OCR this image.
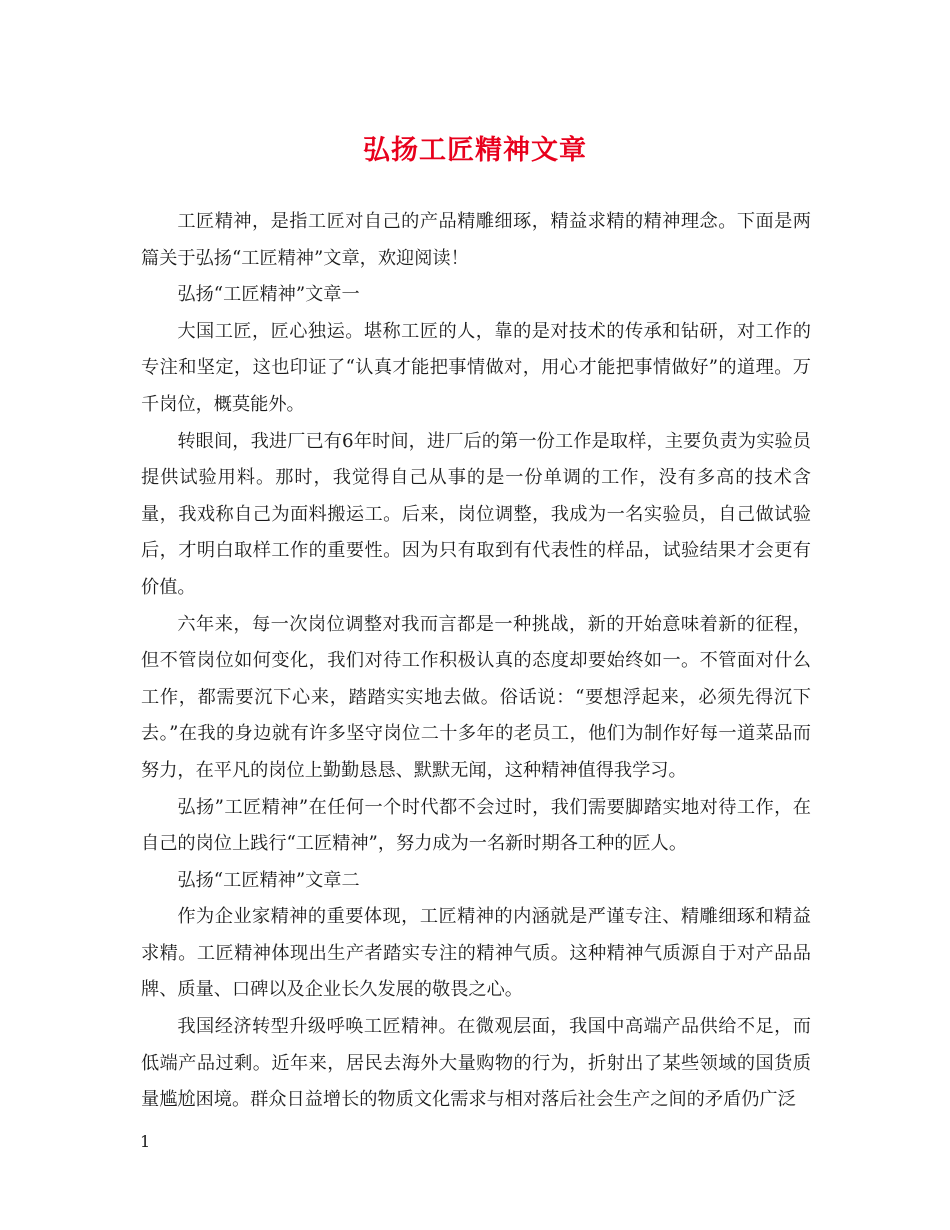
弘扬工匠精神文章

工匠精神，是指工匠对自己的产品精雕细琢，精益求精的精神理念。下面是两篇关于弘扬“工匠精神”文章，欢迎阅读！

弘扬“工匠精神”文章一

大国工匠，匠心独运。堪称工匠的人，靠的是对技术的传承和钻研，对工作的专注和坚定，这也印证了“认真才能把事情做对，用心才能把事情做好”的道理。万千岗位，概莫能外。

转眼间，我进厂已有6年时间，进厂后的第一份工作是取样，主要负责为实验员提供试验用料。那时，我觉得自己从事的是一份单调的工作，没有多高的技术含量，我戏称自己为面料搬运工。后来，岗位调整，我成为一名实验员，自己做试验后，才明白取样工作的重要性。因为只有取到有代表性的样品，试验结果才会更有价值。

六年来，每一次岗位调整对我而言都是一种挑战，新的开始意味着新的征程，但不管岗位如何变化，我们对待工作积极认真的态度却要始终如一。不管面对什么工作，都需要沉下心来，踏踏实实地去做。俗话说：“要想浮起来，必须先得沉下去。”在我的身边就有许多坚守岗位二十多年的老员工，他们为制作好每一道菜品而努力，在平凡的岗位上勤勤恳恳、默默无闻，这种精神值得我学习。

弘扬”工匠精神”在任何一个时代都不会过时，我们需要脚踏实地对待工作，在自己的岗位上践行“工匠精神”，努力成为一名新时期各工种的匠人。

弘扬“工匠精神”文章二

作为企业家精神的重要体现，工匠精神的内涵就是严谨专注、精雕细琢和精益求精。工匠精神体现出生产者踏实专注的精神气质。这种精神气质源自于对产品品牌、质量、口碑以及企业长久发展的敬畏之心。

我国经济转型升级呼唤工匠精神。在微观层面，我国中高端产品供给不足，而低端产品过剩。近年来，居民去海外大量购物的行为，折射出了某些领域的国货质量尴尬困境。群众日益增长的物质文化需求与相对落后社会生产之间的矛盾仍广泛

1
